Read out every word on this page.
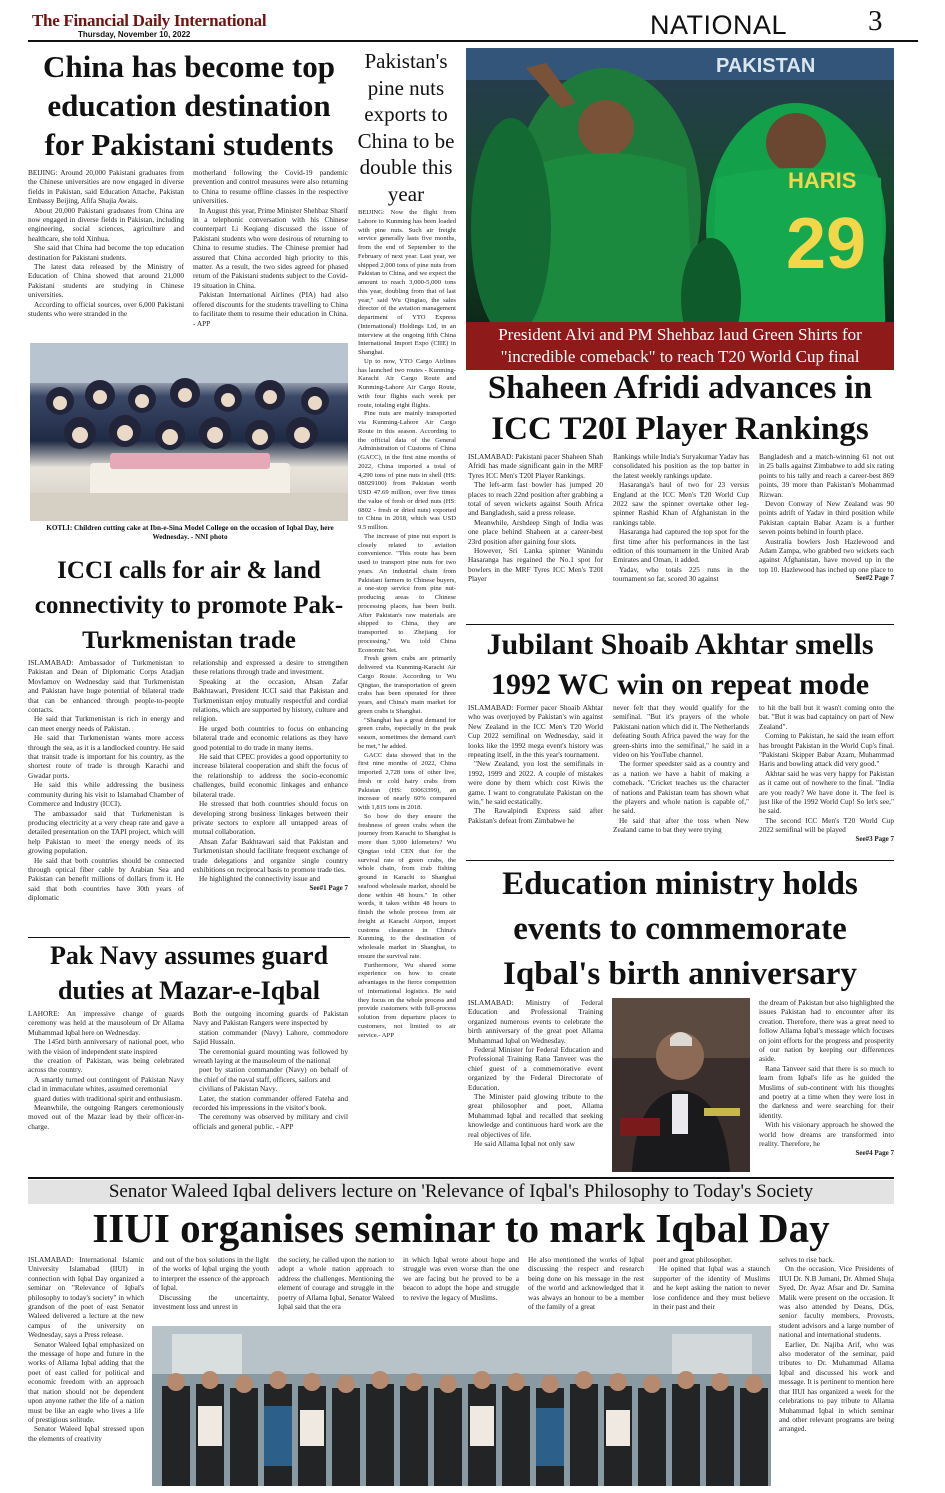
The Financial Daily International
Thursday, November 10, 2022	NATIONAL	3
China has become top education destination for Pakistani students

BEIJING: Around 20,000 Pakistani graduates from the Chinese universities are now engaged in diverse fields in Pakistan, said Education Attache, Pakistan Embassy Beijing, Afifa Shajia Awais.

About 20,000 Pakistani graduates from China are now engaged in diverse fields in Pakistan, including engineering, social sciences, agriculture and healthcare, she told Xinhua.

She said that China had become the top education destination for Pakistani students.

The latest data released by the Ministry of Education of China showed that around 21,000 Pakistani students are studying in Chinese universities.

According to official sources, over 6,000 Pakistani students who were stranded in the

motherland following the Covid-19 pandemic prevention and control measures were also returning to China to resume offline classes in the respective universities.

In August this year, Prime Minister Shehbaz Sharif in a telephonic conversation with his Chinese counterpart Li Keqiang discussed the issue of Pakistani students who were desirous of returning to China to resume studies. The Chinese premier had assured that China accorded high priority to this matter. As a result, the two sides agreed for phased return of the Pakistani students subject to the Covid-19 situation in China.

Pakistan International Airlines (PIA) had also offered discounts for the students travelling to China to facilitate them to resume their education in China. - APP

KOTLI: Children cutting cake at Ibn-e-Sina Model College on the occasion of Iqbal Day, here Wednesday. - NNI photo
Pakistan's pine nuts exports to China to be double this year

BEIJING: Now the flight from Lahore to Kunming has been loaded with pine nuts. Such air freight service generally lasts five months, from the end of September to the February of next year. Last year, we shipped 2,000 tons of pine nuts from Pakistan to China, and we expect the amount to reach 3,000-5,000 tons this year, doubling from that of last year," said Wu Qingtao, the sales director of the aviation management department of YTO Express (International) Holdings Ltd, in an interview at the ongoing fifth China International Import Expo (CIIE) in Shanghai.

Up to now, YTO Cargo Airlines has launched two routes - Kunming-Karachi Air Cargo Route and Kunming-Lahore Air Cargo Route, with four flights each week per route, totaling eight flights.

Pine nuts are mainly transported via Kunming-Lahore Air Cargo Route in this season. According to the official data of the General Administration of Customs of China (GACC), in the first nine months of 2022, China imported a total of 4,290 tons of pine nuts in shell (HS: 08029100) from Pakistan worth USD 47.69 million, over five times the value of fresh or dried nuts (HS: 0802 - fresh or dried nuts) exported to China in 2018, which was USD 9.5 million.

The increase of pine nut export is closely related to aviation convenience. "This route has been used to transport pine nuts for two years. An industrial chain from Pakistani farmers to Chinese buyers, a one-stop service from pine nut-producing areas to Chinese processing places, has been built. After Pakistan's raw materials are shipped to China, they are transported to Zhejiang for processing," Wu told China Economic Net.

Fresh green crabs are primarily delivered via Kunming-Karachi Air Cargo Route. According to Wu Qingtao, the transportation of green crabs has been operated for three years, and China's main market for green crabs is Shanghai.

"Shanghai has a great demand for green crabs, especially in the peak season, sometimes the demand can't be met," he added.

GACC data showed that in the first nine months of 2022, China imported 2,728 tons of other live, fresh or cold hairy crabs from Pakistan (HS: 03063399), an increase of nearly 60% compared with 1,815 tons in 2018.

So how do they ensure the freshness of green crabs when the journey from Karachi to Shanghai is more than 5,000 kilometers? Wu Qingtao told CEN that for the survival rate of green crabs, the whole chain, from crab fishing ground in Karachi to Shanghai seafood wholesale market, should be done within 48 hours." In other words, it takes within 48 hours to finish the whole process from air freight at Karachi Airport, import customs clearance in China's Kunming, to the destination of wholesale market in Shanghai, to ensure the survival rate.

Furthermore, Wu shared some experience on how to create advantages in the fierce competition of international logistics. He said they focus on the whole process and provide customers with full-process solution from departure places to customers, not limited to air service.- APP

PAKISTAN
HARIS
29
President Alvi and PM Shehbaz laud Green Shirts for "incredible comeback" to reach T20 World Cup final
Shaheen Afridi advances in ICC T20I Player Rankings

ISLAMABAD: Pakistani pacer Shaheen Shah Afridi has made significant gain in the MRF Tyres ICC Men's T20I Player Rankings.

The left-arm fast bowler has jumped 20 places to reach 22nd position after grabbing a total of seven wickets against South Africa and Bangladesh, said a press release.

Meanwhile, Arshdeep Singh of India was one place behind Shaheen at a career-best 23rd position after gaining four slots.

However, Sri Lanka spinner Wanindu Hasaranga has regained the No.1 spot for bowlers in the MRF Tyres ICC Men's T20I Player

Rankings while India's Suryakumar Yadav has consolidated his position as the top batter in the latest weekly rankings update.

Hasaranga's haul of two for 23 versus England at the ICC Men's T20 World Cup 2022 saw the spinner overtake other leg-spinner Rashid Khan of Afghanistan in the rankings table.

Hasaranga had captured the top spot for the first time after his performances in the last edition of this tournament in the United Arab Emirates and Oman, it added.

Yadav, who totals 225 runs in the tournament so far, scored 30 against

Bangladesh and a match-winning 61 not out in 25 balls against Zimbabwe to add six rating points to his tally and reach a career-best 869 points, 39 more than Pakistan's Mohammad Rizwan.

Devon Conway of New Zealand was 90 points adrift of Yadav in third position while Pakistan captain Babar Azam is a further seven points behind in fourth place.

Australia bowlers Josh Hazlewood and Adam Zampa, who grabbed two wickets each against Afghanistan, have moved up in the top 10. Hazlewood has inched up one place to

See#2 Page 7
ICCI calls for air & land connectivity to promote Pak-Turkmenistan trade

ISLAMABAD: Ambassador of Turkmenistan to Pakistan and Dean of Diplomatic Corps Atadjan Movlamov on Wednesday said that Turkmenistan and Pakistan have huge potential of bilateral trade that can be enhanced through people-to-people contacts.

He said that Turkmenistan is rich in energy and can meet energy needs of Pakistan.

He said that Turkmenistan wants more access through the sea, as it is a landlocked country. He said that transit trade is important for his country, as the shortest route of trade is through Karachi and Gwadar ports.

He said this while addressing the business community during his visit to Islamabad Chamber of Commerce and Industry (ICCI).

The ambassador said that Turkmenistan is producing electricity at a very cheap rate and gave a detailed presentation on the TAPI project, which will help Pakistan to meet the energy needs of its growing population.

He said that both countries should be connected through optical fiber cable by Arabian Sea and Pakistan can benefit millions of dollars from it. He said that both countries have 30th years of diplomatic

relationship and expressed a desire to strengthen these relations through trade and investment.

Speaking at the occasion, Ahsan Zafar Bakhtawari, President ICCI said that Pakistan and Turkmenistan enjoy mutually respectful and cordial relations, which are supported by history, culture and religion.

He urged both countries to focus on enhancing bilateral trade and economic relations as they have good potential to do trade in many items.

He said that CPEC provides a good opportunity to increase bilateral cooperation and shift the focus of the relationship to address the socio-economic challenges, build economic linkages and enhance bilateral trade.

He stressed that both countries should focus on developing strong business linkages between their private sectors to explore all untapped areas of mutual collaboration.

Ahsan Zafar Bakhtawari said that Pakistan and Turkmenistan should facilitate frequent exchange of trade delegations and organize single country exhibitions on reciprocal basis to promote trade ties.

He highlighted the connectivity issue and

See#1 Page 7
Pak Navy assumes guard duties at Mazar-e-Iqbal

LAHORE: An impressive change of guards ceremony was held at the mausoleum of Dr Allama Muhammad Iqbal here on Wednesday.

The 145rd birth anniversary of national poet, who with the vision of independent state inspired

the creation of Pakistan, was being celebrated across the country.

A smartly turned out contingent of Pakistan Navy clad in immaculate whites, assumed ceremonial

guard duties with traditional spirit and enthusiasm.

Meanwhile, the outgoing Rangers ceremoniously moved out of the Mazar lead by their officer-in-charge.

Both the outgoing incoming guards of Pakistan Navy and Pakistan Rangers were inspected by

station commander (Navy) Lahore, commodore Sajid Hussain.

The ceremonial guard mounting was followed by wreath laying at the mausoleum of the national

poet by station commander (Navy) on behalf of the chief of the naval staff, officers, sailors and

civilians of Pakistan Navy.

Later, the station commander offered Fateha and recorded his impressions in the visitor's book.

The ceremony was observed by military and civil officials and general public. - APP

Jubilant Shoaib Akhtar smells 1992 WC win on repeat mode

ISLAMABAD: Former pacer Shoaib Akhtar who was overjoyed by Pakistan's win against New Zealand in the ICC Men's T20 World Cup 2022 semifinal on Wednesday, said it looks like the 1992 mega event's history was repeating itself, in the this year's tournament.

"New Zealand, you lost the semifinals in 1992, 1999 and 2022. A couple of mistakes were done by them which cost Kiwis the game. I want to congratulate Pakistan on the win," he said ecstatically.

The Rawalpindi Express said after Pakistan's defeat from Zimbabwe he

never felt that they would qualify for the semifinal. "But it's prayers of the whole Pakistani nation which did it. The Netherlands defeating South Africa paved the way for the green-shirts into the semifinal," he said in a video on his YouTube channel.

The former speedster said as a country and as a nation we have a habit of making a comeback. "Cricket teaches us the character of nations and Pakistan team has shown what the players and whole nation is capable of," he said.

He said that after the toss when New Zealand came to bat they were trying

to hit the ball but it wasn't coming onto the bat. "But it was bad captaincy on part of New Zealand".

Coming to Pakistan, he said the team effort has brought Pakistan in the World Cup's final. "Pakistani Skipper Babar Azam, Muhammad Haris and bowling attack did very good."

Akhtar said he was very happy for Pakistan as it came out of nowhere to the final. "India are you ready? We have done it. The feel is just like of the 1992 World Cup! So let's see," he said.

The second ICC Men's T20 World Cup 2022 semifinal will be played

See#3 Page 7
Education ministry holds events to commemorate Iqbal's birth anniversary

ISLAMABAD: Ministry of Federal Education and Professional Training organized numerous events to celebrate the birth anniversary of the great poet Allama Muhammad Iqbal on Wednesday.

Federal Minister for Federal Education and Professional Training Rana Tanveer was the chief guest of a commemorative event organized by the Federal Directorate of Education.

The Minister paid glowing tribute to the great philosopher and poet, Allama Muhammad Iqbal and recalled that seeking knowledge and continuous hard work are the real objectives of life.

He said Allama Iqbal not only saw

the dream of Pakistan but also highlighted the issues Pakistan had to encounter after its creation. Therefore, there was a great need to follow Allama Iqbal's message which focuses on joint efforts for the progress and prosperity of our nation by keeping our differences aside.

Rana Tanveer said that there is so much to learn from Iqbal's life as he guided the Muslims of sub-continent with his thoughts and poetry at a time when they were lost in the darkness and were searching for their identity.

With his visionary approach he showed the world how dreams are transformed into reality. Therefore, he

See#4 Page 7
Senator Waleed Iqbal delivers lecture on 'Relevance of Iqbal's Philosophy to Today's Society
IIUI organises seminar to mark Iqbal Day

ISLAMABAD: International Islamic University Islamabad (IIUI) in connection with Iqbal Day organized a seminar on "Relevance of Iqbal's philosophy to today's society" in which grandson of the poet of east Senator Waleed delivered a lecture at the new campus of the university on Wednesday, says a Press release.

Senator Waleed Iqbal emphasized on the message of hope and future in the works of Allama Iqbal adding that the poet of east called for political and economic freedom with an approach that nation should not be dependent upon anyone rather the life of a nation must be like an eagle who lives a life of prestigious solitude.

Senator Waleed Iqbal stressed upon the elements of creativity

and out of the box solutions in the light of the works of Iqbal urging the youth to interpret the essence of the approach of Iqbal.

Discussing the uncertainty, investment loss and unrest in

the society, he called upon the nation to adopt a whole nation approach to address the challenges. Mentioning the element of courage and struggle in the poetry of Allama Iqbal, Senator Waleed Iqbal said that the era

in which Iqbal wrote about hope and struggle was even worse than the one we are facing but he proved to be a beacon to adopt the hope and struggle to revive the legacy of Muslims.

He also mentioned the works of Iqbal discussing the respect and research being done on his message in the rest of the world and acknowledged that it was always an honour to be a member of the family of a great

poet and great philosopher.

He opined that Iqbal was a staunch supporter of the identity of Muslims and he kept asking the nation to never lose confidence and they must believe in their past and their

selves to rise back.

On the occasion, Vice Presidents of IIUI Dr. N.B Jumani, Dr. Ahmed Shuja Syed, Dr. Ayaz Afsar and Dr. Samina Malik were present on the occasion. It was also attended by Deans, DGs, senior faculty members, Provosts, student advisors and a large number of national and international students.

Earlier, Dr. Najiba Arif, who was also moderator of the seminar, paid tributes to Dr. Muhammad Allama Iqbal and discussed his work and message. It is pertinent to mention here that IIUI has organized a week for the celebrations to pay tribute to Allama Muhammad Iqbal in which seminar and other relevant programs are being arranged.
